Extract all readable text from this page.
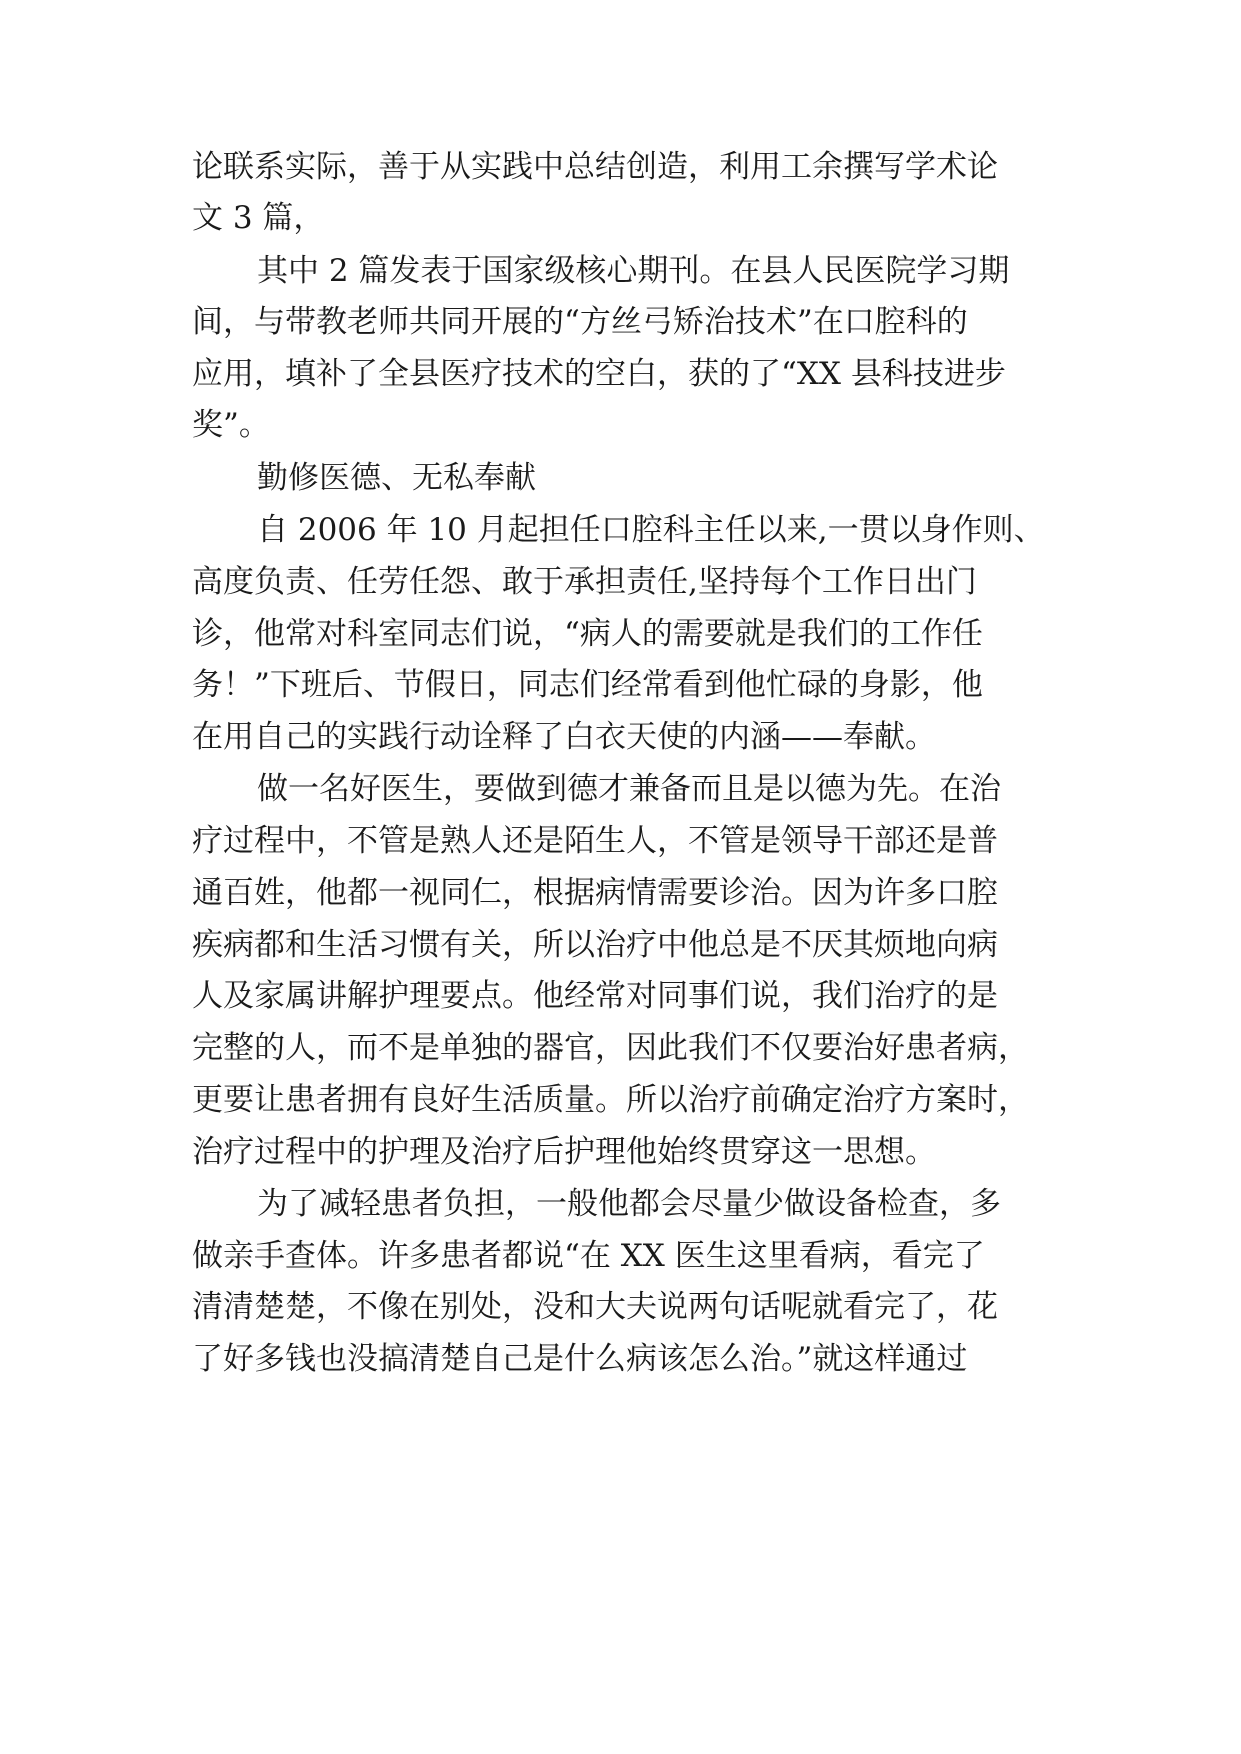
论联系实际，善于从实践中总结创造，利用工余撰写学术论

文 3 篇，

其中 2 篇发表于国家级核心期刊。在县人民医院学习期

间，与带教老师共同开展的“方丝弓矫治技术”在口腔科的

应用，填补了全县医疗技术的空白，获的了“XX 县科技进步

奖”。

勤修医德、无私奉献

自 2006 年 10 月起担任口腔科主任以来,一贯以身作则、

高度负责、任劳任怨、敢于承担责任,坚持每个工作日出门

诊，他常对科室同志们说，“病人的需要就是我们的工作任

务！”下班后、节假日，同志们经常看到他忙碌的身影，他

在用自己的实践行动诠释了白衣天使的内涵——奉献。

做一名好医生，要做到德才兼备而且是以德为先。在治

疗过程中，不管是熟人还是陌生人，不管是领导干部还是普

通百姓，他都一视同仁，根据病情需要诊治。因为许多口腔

疾病都和生活习惯有关，所以治疗中他总是不厌其烦地向病

人及家属讲解护理要点。他经常对同事们说，我们治疗的是

完整的人，而不是单独的器官，因此我们不仅要治好患者病，

更要让患者拥有良好生活质量。所以治疗前确定治疗方案时，

治疗过程中的护理及治疗后护理他始终贯穿这一思想。

为了减轻患者负担，一般他都会尽量少做设备检查，多

做亲手查体。许多患者都说“在 XX 医生这里看病，看完了

清清楚楚，不像在别处，没和大夫说两句话呢就看完了，花

了好多钱也没搞清楚自己是什么病该怎么治。”就这样通过
